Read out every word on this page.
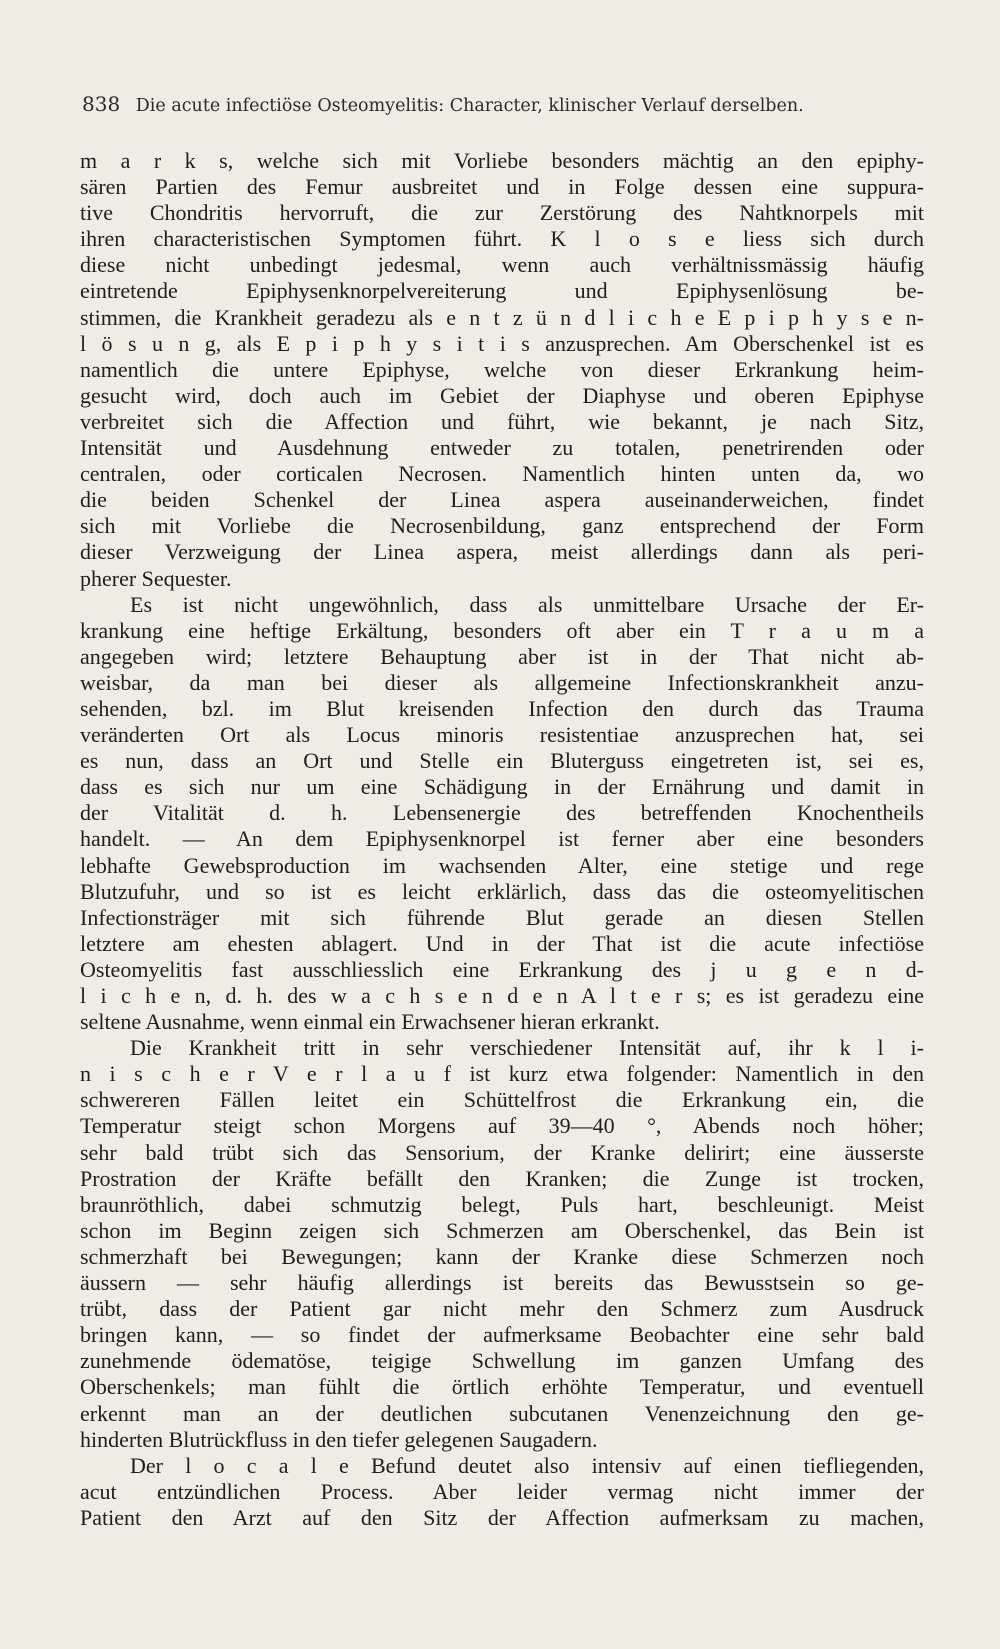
838 Die acute infectiöse Osteomyelitis: Character, klinischer Verlauf derselben.
m a r k s, welche sich mit Vorliebe besonders mächtig an den epiphy-
sären Partien des Femur ausbreitet und in Folge dessen eine suppura-
tive Chondritis hervorruft, die zur Zerstörung des Nahtknorpels mit
ihren characteristischen Symptomen führt. K l o s e liess sich durch
diese nicht unbedingt jedesmal, wenn auch verhältnissmässig häufig
eintretende Epiphysenknorpelvereiterung und Epiphysenlösung be-
stimmen, die Krankheit geradezu als e n t z ü n d l i c h e E p i p h y s e n-
l ö s u n g, als E p i p h y s i t i s anzusprechen. Am Oberschenkel ist es
namentlich die untere Epiphyse, welche von dieser Erkrankung heim-
gesucht wird, doch auch im Gebiet der Diaphyse und oberen Epiphyse
verbreitet sich die Affection und führt, wie bekannt, je nach Sitz,
Intensität und Ausdehnung entweder zu totalen, penetrirenden oder
centralen, oder corticalen Necrosen. Namentlich hinten unten da, wo
die beiden Schenkel der Linea aspera auseinanderweichen, findet
sich mit Vorliebe die Necrosenbildung, ganz entsprechend der Form
dieser Verzweigung der Linea aspera, meist allerdings dann als peri-
pherer Sequester.
Es ist nicht ungewöhnlich, dass als unmittelbare Ursache der Er-
krankung eine heftige Erkältung, besonders oft aber ein T r a u m a
angegeben wird; letztere Behauptung aber ist in der That nicht ab-
weisbar, da man bei dieser als allgemeine Infectionskrankheit anzu-
sehenden, bzl. im Blut kreisenden Infection den durch das Trauma
veränderten Ort als Locus minoris resistentiae anzusprechen hat, sei
es nun, dass an Ort und Stelle ein Bluterguss eingetreten ist, sei es,
dass es sich nur um eine Schädigung in der Ernährung und damit in
der Vitalität d. h. Lebensenergie des betreffenden Knochentheils
handelt. — An dem Epiphysenknorpel ist ferner aber eine besonders
lebhafte Gewebsproduction im wachsenden Alter, eine stetige und rege
Blutzufuhr, und so ist es leicht erklärlich, dass das die osteomyelitischen
Infectionsträger mit sich führende Blut gerade an diesen Stellen
letztere am ehesten ablagert. Und in der That ist die acute infectiöse
Osteomyelitis fast ausschliesslich eine Erkrankung des j u g e n d-
l i c h e n, d. h. des w a c h s e n d e n A l t e r s; es ist geradezu eine
seltene Ausnahme, wenn einmal ein Erwachsener hieran erkrankt.
Die Krankheit tritt in sehr verschiedener Intensität auf, ihr k l i-
n i s c h e r V e r l a u f ist kurz etwa folgender: Namentlich in den
schwereren Fällen leitet ein Schüttelfrost die Erkrankung ein, die
Temperatur steigt schon Morgens auf 39—40 °, Abends noch höher;
sehr bald trübt sich das Sensorium, der Kranke delirirt; eine äusserste
Prostration der Kräfte befällt den Kranken; die Zunge ist trocken,
braunröthlich, dabei schmutzig belegt, Puls hart, beschleunigt. Meist
schon im Beginn zeigen sich Schmerzen am Oberschenkel, das Bein ist
schmerzhaft bei Bewegungen; kann der Kranke diese Schmerzen noch
äussern — sehr häufig allerdings ist bereits das Bewusstsein so ge-
trübt, dass der Patient gar nicht mehr den Schmerz zum Ausdruck
bringen kann, — so findet der aufmerksame Beobachter eine sehr bald
zunehmende ödematöse, teigige Schwellung im ganzen Umfang des
Oberschenkels; man fühlt die örtlich erhöhte Temperatur, und eventuell
erkennt man an der deutlichen subcutanen Venenzeichnung den ge-
hinderten Blutrückfluss in den tiefer gelegenen Saugadern.
Der l o c a l e Befund deutet also intensiv auf einen tiefliegenden,
acut entzündlichen Process. Aber leider vermag nicht immer der
Patient den Arzt auf den Sitz der Affection aufmerksam zu machen,
